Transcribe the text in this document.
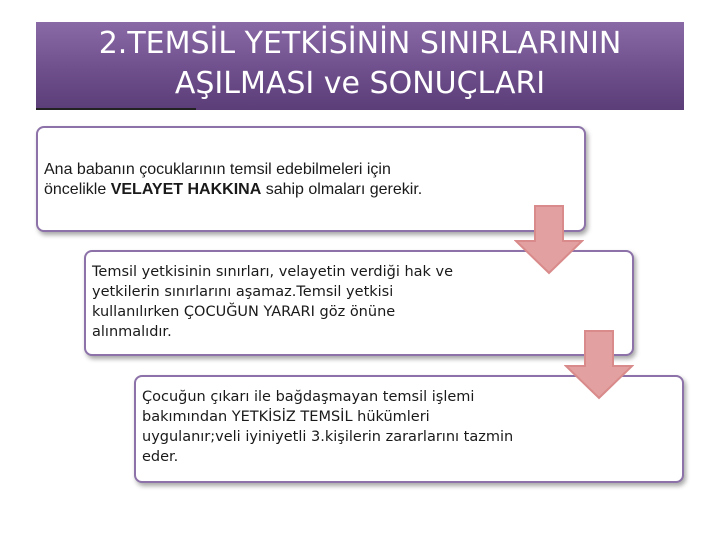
2.TEMSİL YETKİSİNİN SINIRLARININ
AŞILMASI ve SONUÇLARI
Ana babanın çocuklarının temsil edebilmeleri için
öncelikle VELAYET HAKKINA sahip olmaları gerekir.
Temsil yetkisinin sınırları, velayetin verdiği hak ve
yetkilerin sınırlarını aşamaz.Temsil yetkisi
kullanılırken ÇOCUĞUN YARARI göz önüne
alınmalıdır.
Çocuğun çıkarı ile bağdaşmayan temsil işlemi
bakımından YETKİSİZ TEMSİL hükümleri
uygulanır;veli iyiniyetli 3.kişilerin zararlarını tazmin
eder.
